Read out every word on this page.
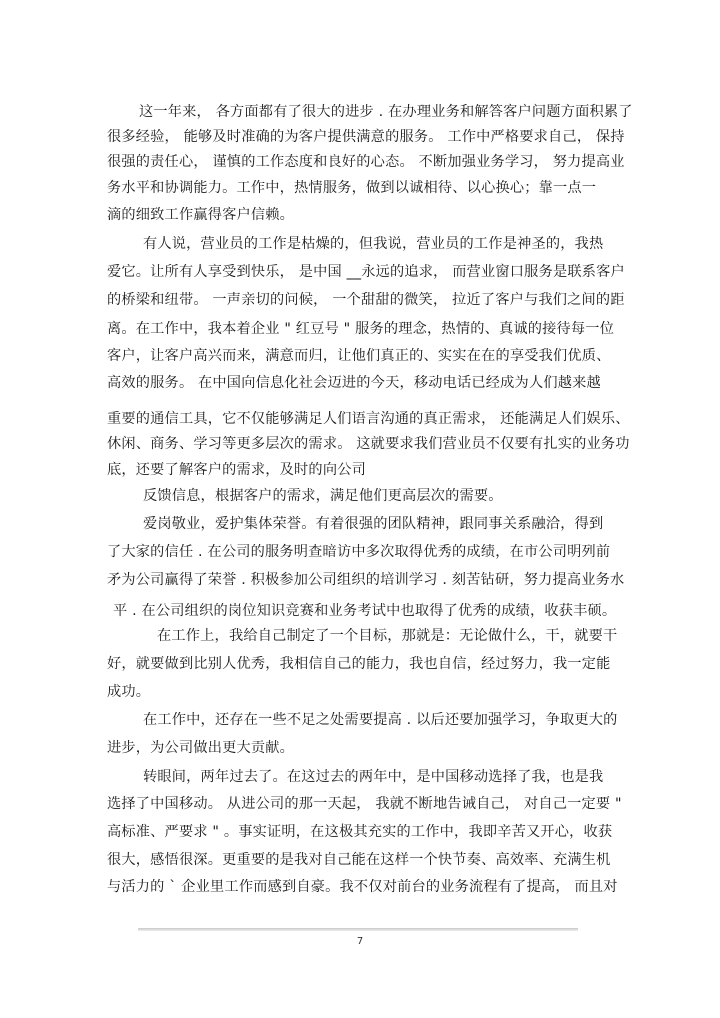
这一年来， 各方面都有了很大的进步 . 在办理业务和解答客户问题方面积累了
很多经验， 能够及时准确的为客户提供满意的服务。 工作中严格要求自己， 保持
很强的责任心， 谨慎的工作态度和良好的心态。 不断加强业务学习， 努力提高业
务水平和协调能力。工作中，热情服务，做到以诚相待、以心换心；靠一点一
滴的细致工作赢得客户信赖。
有人说，营业员的工作是枯燥的，但我说，营业员的工作是神圣的，我热
爱它。让所有人享受到快乐， 是中国 __永远的追求， 而营业窗口服务是联系客户
的桥梁和纽带。 一声亲切的问候， 一个甜甜的微笑， 拉近了客户与我们之间的距
离。在工作中，我本着企业 " 红豆号 " 服务的理念，热情的、真诚的接待每一位
客户，让客户高兴而来，满意而归，让他们真正的、实实在在的享受我们优质、
高效的服务。 在中国向信息化社会迈进的今天，移动电话已经成为人们越来越
重要的通信工具，它不仅能够满足人们语言沟通的真正需求， 还能满足人们娱乐、
休闲、商务、学习等更多层次的需求。 这就要求我们营业员不仅要有扎实的业务功
底，还要了解客户的需求，及时的向公司
反馈信息，根据客户的需求，满足他们更高层次的需要。
爱岗敬业，爱护集体荣誉。有着很强的团队精神，跟同事关系融洽，得到
了大家的信任 . 在公司的服务明查暗访中多次取得优秀的成绩，在市公司明列前
矛为公司赢得了荣誉 . 积极参加公司组织的培训学习 . 刻苦钻研，努力提高业务水
平 . 在公司组织的岗位知识竞赛和业务考试中也取得了优秀的成绩，收获丰硕。
在工作上，我给自己制定了一个目标，那就是：无论做什么，干，就要干
好，就要做到比别人优秀，我相信自己的能力，我也自信，经过努力，我一定能
成功。
在工作中，还存在一些不足之处需要提高 . 以后还要加强学习，争取更大的
进步，为公司做出更大贡献。
转眼间，两年过去了。在这过去的两年中，是中国移动选择了我，也是我
选择了中国移动。 从进公司的那一天起， 我就不断地告诫自己， 对自己一定要 "
高标准、严要求 " 。事实证明，在这极其充实的工作中，我即辛苦又开心，收获
很大，感悟很深。更重要的是我对自己能在这样一个快节奏、高效率、充满生机
与活力的 ` 企业里工作而感到自豪。我不仅对前台的业务流程有了提高， 而且对
7
